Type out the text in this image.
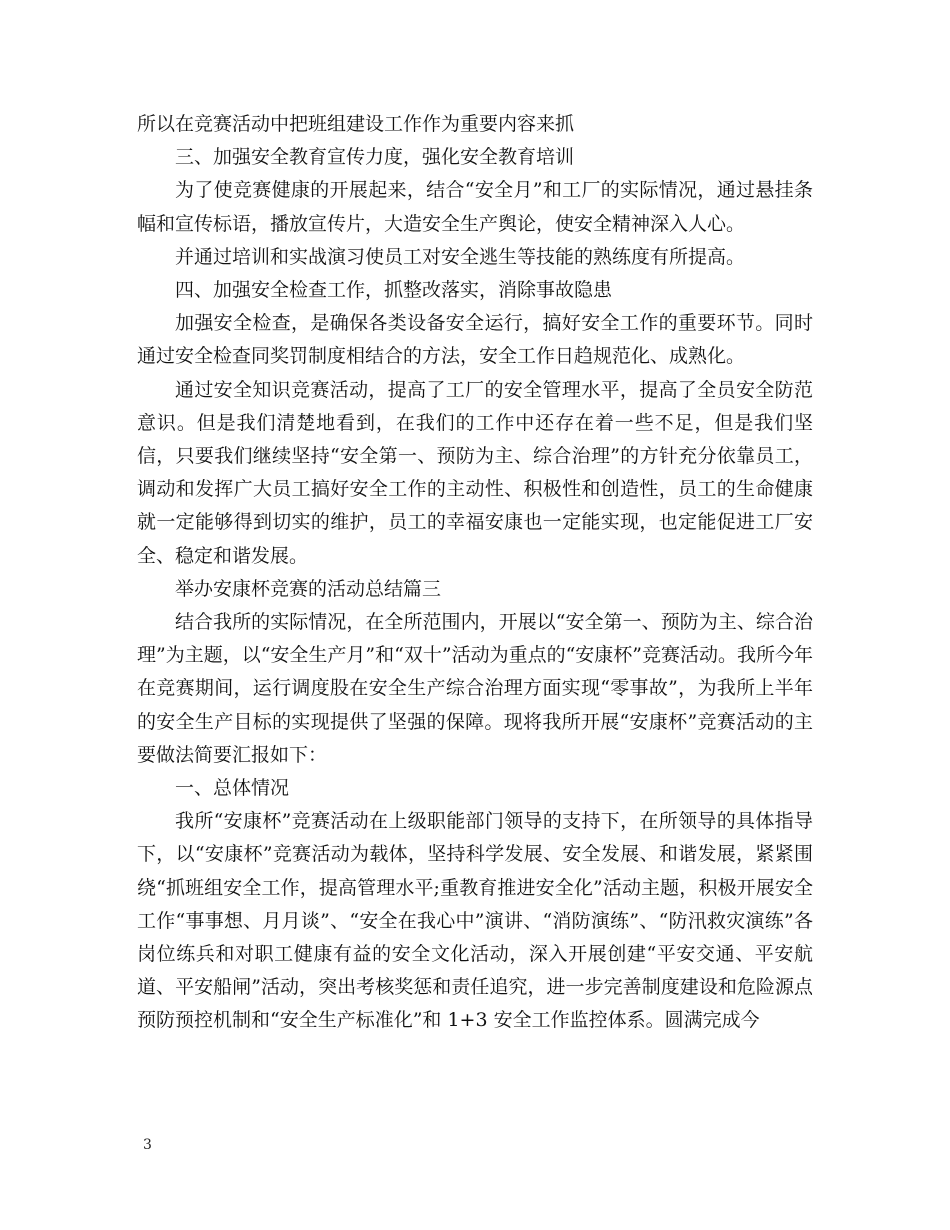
所以在竞赛活动中把班组建设工作作为重要内容来抓

三、加强安全教育宣传力度，强化安全教育培训

为了使竞赛健康的开展起来，结合“安全月”和工厂的实际情况，通过悬挂条幅和宣传标语，播放宣传片，大造安全生产舆论，使安全精神深入人心。

并通过培训和实战演习使员工对安全逃生等技能的熟练度有所提高。

四、加强安全检查工作，抓整改落实，消除事故隐患

加强安全检查，是确保各类设备安全运行，搞好安全工作的重要环节。同时通过安全检查同奖罚制度相结合的方法，安全工作日趋规范化、成熟化。

通过安全知识竞赛活动，提高了工厂的安全管理水平，提高了全员安全防范意识。但是我们清楚地看到，在我们的工作中还存在着一些不足，但是我们坚信，只要我们继续坚持“安全第一、预防为主、综合治理”的方针充分依靠员工，调动和发挥广大员工搞好安全工作的主动性、积极性和创造性，员工的生命健康就一定能够得到切实的维护，员工的幸福安康也一定能实现，也定能促进工厂安全、稳定和谐发展。

举办安康杯竞赛的活动总结篇三

结合我所的实际情况，在全所范围内，开展以“安全第一、预防为主、综合治理”为主题，以“安全生产月”和“双十”活动为重点的“安康杯”竞赛活动。我所今年在竞赛期间，运行调度股在安全生产综合治理方面实现“零事故”，为我所上半年的安全生产目标的实现提供了坚强的保障。现将我所开展“安康杯”竞赛活动的主要做法简要汇报如下：

一、总体情况

我所“安康杯”竞赛活动在上级职能部门领导的支持下，在所领导的具体指导下，以“安康杯”竞赛活动为载体，坚持科学发展、安全发展、和谐发展，紧紧围绕“抓班组安全工作，提高管理水平;重教育推进安全化”活动主题，积极开展安全工作“事事想、月月谈”、“安全在我心中”演讲、“消防演练”、“防汛救灾演练”各岗位练兵和对职工健康有益的安全文化活动，深入开展创建“平安交通、平安航道、平安船闸”活动，突出考核奖惩和责任追究，进一步完善制度建设和危险源点预防预控机制和“安全生产标准化”和 1+3 安全工作监控体系。圆满完成今

3
